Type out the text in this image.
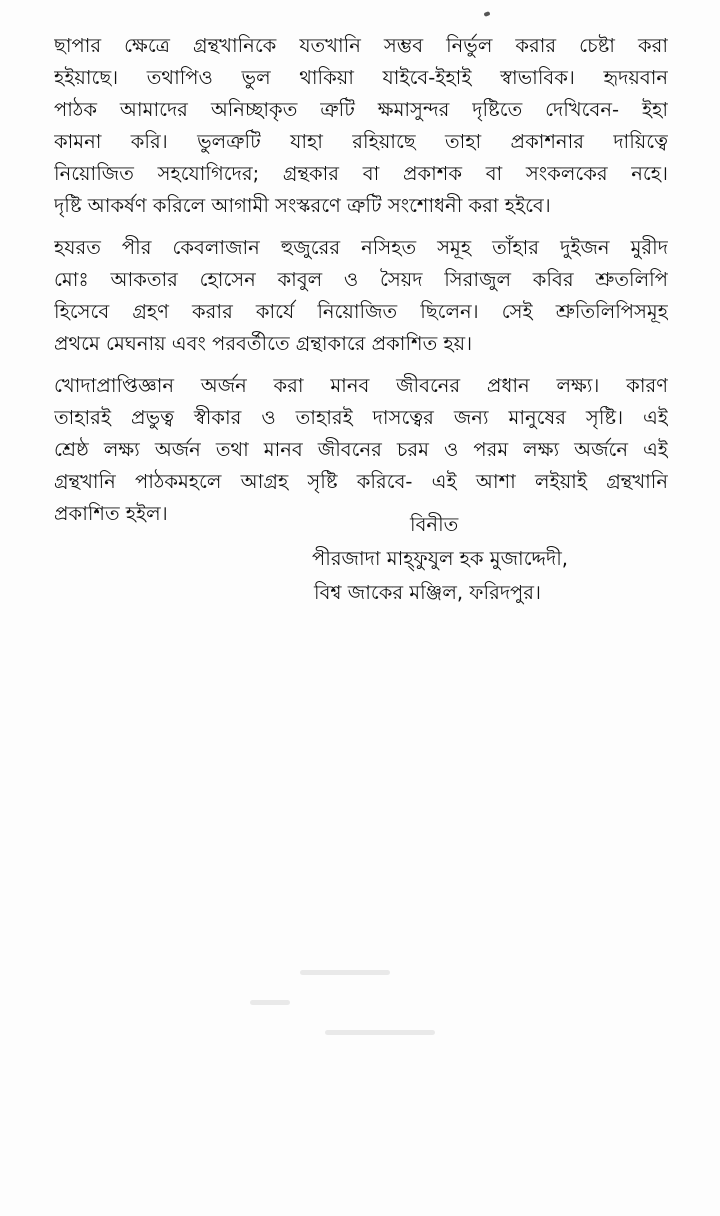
ছাপার ক্ষেত্রে গ্রন্থখানিকে যতখানি সম্ভব নির্ভুল করার চেষ্টা করা
হইয়াছে। তথাপিও ভুল থাকিয়া যাইবে-ইহাই স্বাভাবিক। হৃদয়বান
পাঠক আমাদের অনিচ্ছাকৃত ত্রুটি ক্ষমাসুন্দর দৃষ্টিতে দেখিবেন- ইহা
কামনা করি। ভুলত্রুটি যাহা রহিয়াছে তাহা প্রকাশনার দায়িত্বে
নিয়োজিত সহযোগিদের; গ্রন্থকার বা প্রকাশক বা সংকলকের নহে।
দৃষ্টি আকর্ষণ করিলে আগামী সংস্করণে ত্রুটি সংশোধনী করা হইবে।
হযরত পীর কেবলাজান হুজুরের নসিহত সমূহ তাঁহার দুইজন মুরীদ
মোঃ আকতার হোসেন কাবুল ও সৈয়দ সিরাজুল কবির শ্রুতলিপি
হিসেবে গ্রহণ করার কার্যে নিয়োজিত ছিলেন। সেই শ্রুতিলিপিসমূহ
প্রথমে মেঘনায় এবং পরবর্তীতে গ্রন্থাকারে প্রকাশিত হয়।
খোদাপ্রাপ্তিজ্ঞান অর্জন করা মানব জীবনের প্রধান লক্ষ্য। কারণ
তাহারই প্রভুত্ব স্বীকার ও তাহারই দাসত্বের জন্য মানুষের সৃষ্টি। এই
শ্রেষ্ঠ লক্ষ্য অর্জন তথা মানব জীবনের চরম ও পরম লক্ষ্য অর্জনে এই
গ্রন্থখানি পাঠকমহলে আগ্রহ সৃষ্টি করিবে- এই আশা লইয়াই গ্রন্থখানি
প্রকাশিত হইল।	বিনীত
পীরজাদা মাহ্ফুযুল হক মুজাদ্দেদী,
বিশ্ব জাকের মঞ্জিল, ফরিদপুর।
